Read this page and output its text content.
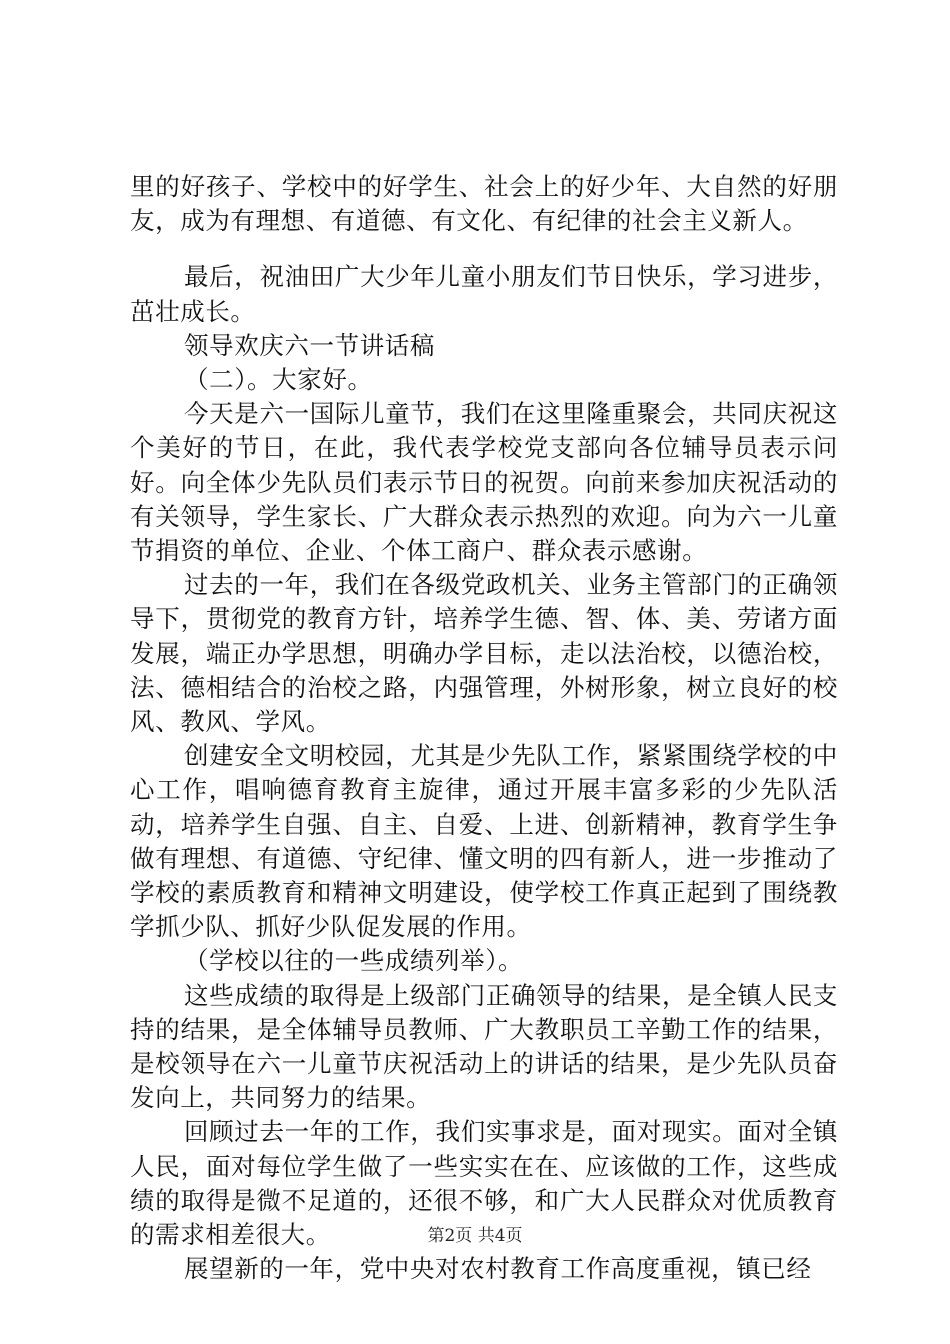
里的好孩子、学校中的好学生、社会上的好少年、大自然的好朋友，成为有理想、有道德、有文化、有纪律的社会主义新人。

最后，祝油田广大少年儿童小朋友们节日快乐，学习进步，茁壮成长。

领导欢庆六一节讲话稿

（二）。大家好。

今天是六一国际儿童节，我们在这里隆重聚会，共同庆祝这个美好的节日，在此，我代表学校党支部向各位辅导员表示问好。向全体少先队员们表示节日的祝贺。向前来参加庆祝活动的有关领导，学生家长、广大群众表示热烈的欢迎。向为六一儿童节捐资的单位、企业、个体工商户、群众表示感谢。

过去的一年，我们在各级党政机关、业务主管部门的正确领导下，贯彻党的教育方针，培养学生德、智、体、美、劳诸方面发展，端正办学思想，明确办学目标，走以法治校，以德治校，法、德相结合的治校之路，内强管理，外树形象，树立良好的校风、教风、学风。

创建安全文明校园，尤其是少先队工作，紧紧围绕学校的中心工作，唱响德育教育主旋律，通过开展丰富多彩的少先队活动，培养学生自强、自主、自爱、上进、创新精神，教育学生争做有理想、有道德、守纪律、懂文明的四有新人，进一步推动了学校的素质教育和精神文明建设，使学校工作真正起到了围绕教学抓少队、抓好少队促发展的作用。

（学校以往的一些成绩列举）。

这些成绩的取得是上级部门正确领导的结果，是全镇人民支持的结果，是全体辅导员教师、广大教职员工辛勤工作的结果，是校领导在六一儿童节庆祝活动上的讲话的结果，是少先队员奋发向上，共同努力的结果。

回顾过去一年的工作，我们实事求是，面对现实。面对全镇人民，面对每位学生做了一些实实在在、应该做的工作，这些成绩的取得是微不足道的，还很不够，和广大人民群众对优质教育的需求相差很大。

展望新的一年，党中央对农村教育工作高度重视，镇已经

第2页 共4页
